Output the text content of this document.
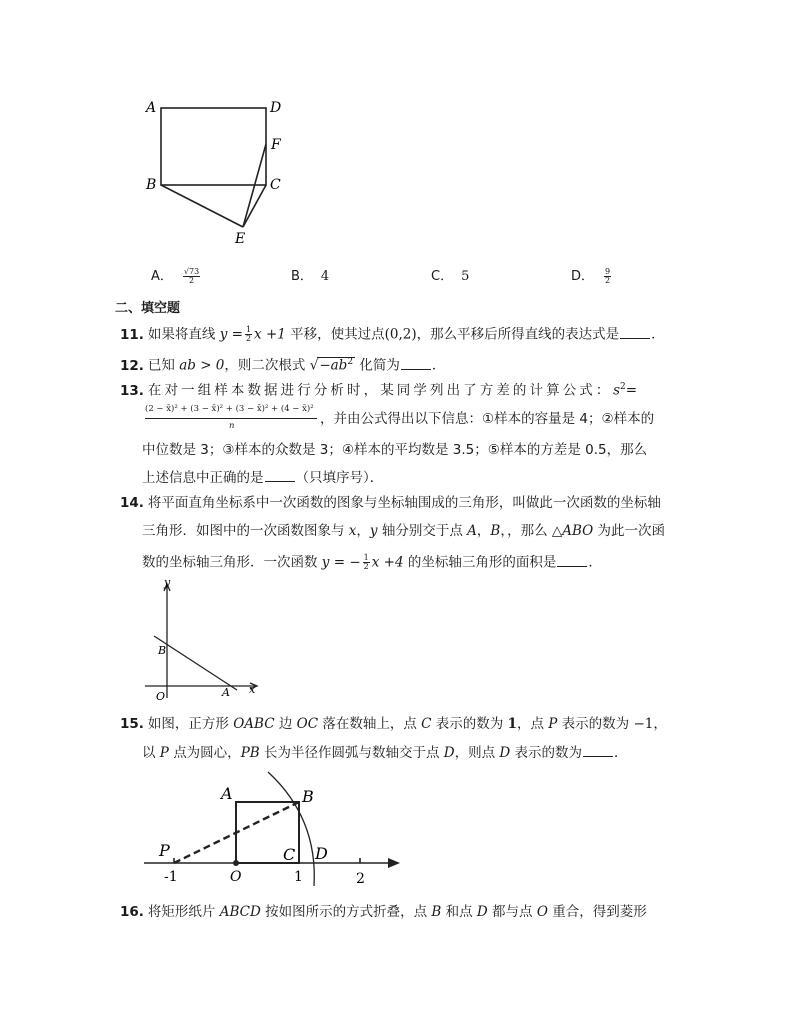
A	D
F
B	C
E
A． $\frac{√73}{2}$	B． 4	C． 5	D． $\frac{9}{2}$
二、填空题
11. 如果将直线 $y = \frac{1}{2}$ x +1 平移，使其过点(0,2)，那么平移后所得直线的表达式是 ．
12. 已知 ab > 0，则二次根式 $√-ab^2$ 化简为 ．
13. 在 对 一 组 样 本 数 据 进 行 分 析 时 ， 某 同 学 列 出 了 方 差 的 计 算 公 式 ： $s^2=$
(2 − x̄)² + (3 − x̄)² + (3 − x̄)² + (4 − x̄)²
n	，并由公式得出以下信息：①样本的容量是 4；②样本的
中位数是 3；③样本的众数是 3；④样本的平均数是 3.5；⑤样本的方差是 0.5，那么
上述信息中正确的是 （只填序号）．
14. 将平面直角坐标系中一次函数的图象与坐标轴围成的三角形，叫做此一次函数的坐标轴
三角形．如图中的一次函数图象与 x，y 轴分别交于点 A，B，，那么 △ABO 为此一次函
数的坐标轴三角形．一次函数 y = − $\frac{1}{2}$ x +4 的坐标轴三角形的面积是 ．
y
x
B
O	A
15. 如图，正方形 OABC 边 OC 落在数轴上，点 C 表示的数为 1，点 P 表示的数为 −1，
以 P 点为圆心，PB 长为半径作圆弧与数轴交于点 D，则点 D 表示的数为 ．
A	B
P	C D
-1	O	1	2
16. 将矩形纸片 ABCD 按如图所示的方式折叠，点 B 和点 D 都与点 O 重合，得到菱形
